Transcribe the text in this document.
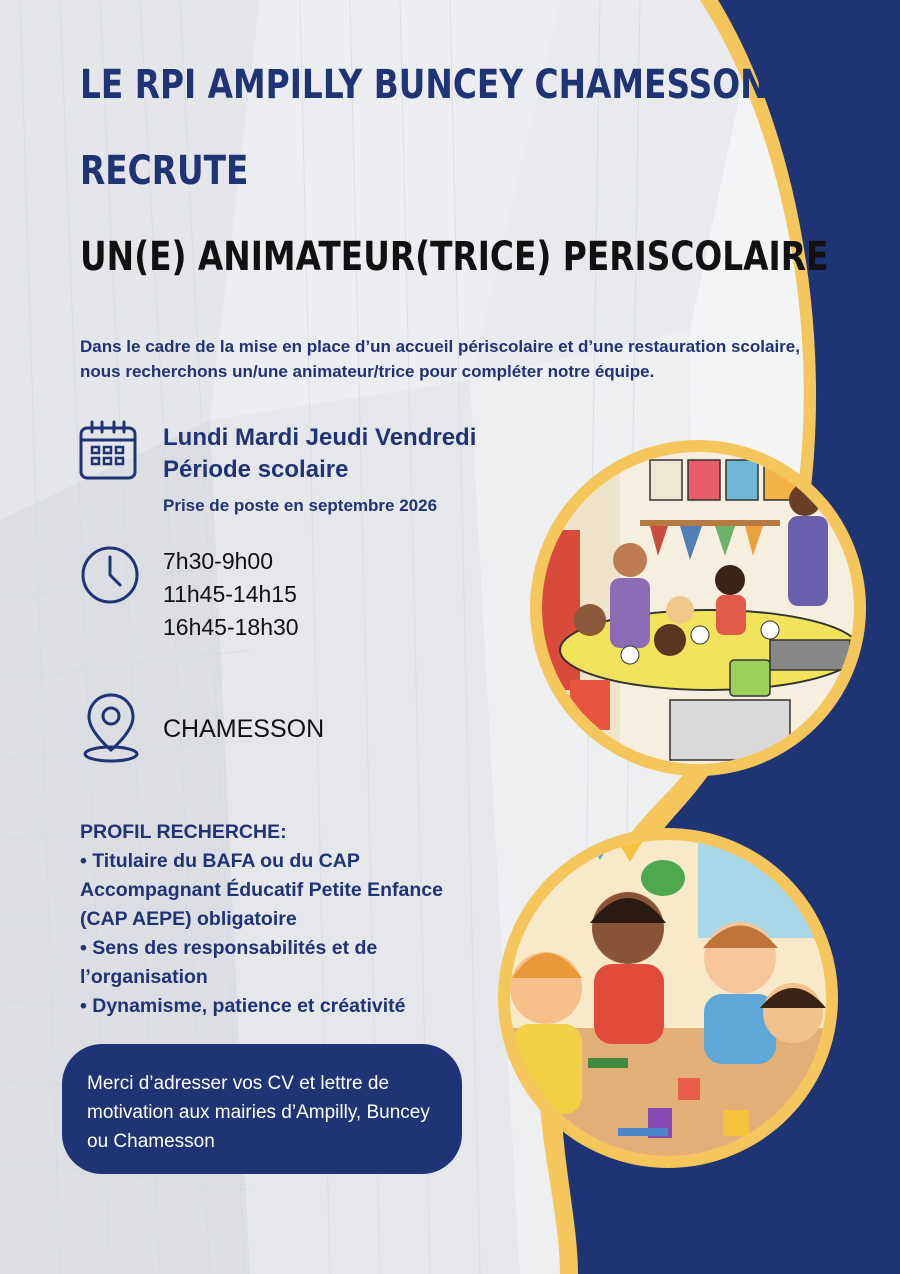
LE RPI AMPILLY BUNCEY CHAMESSON
RECRUTE
UN(E) ANIMATEUR(TRICE) PERISCOLAIRE

Dans le cadre de la mise en place d’un accueil périscolaire et d’une restauration scolaire, nous recherchons un/une animateur/trice pour compléter notre équipe.

Lundi Mardi Jeudi Vendredi
Période scolaire
Prise de poste en septembre 2026
7h30-9h00
11h45-14h15
16h45-18h30
CHAMESSON
PROFIL RECHERCHE:
• Titulaire du BAFA ou du CAP Accompagnant Éducatif Petite Enfance (CAP AEPE) obligatoire
• Sens des responsabilités et de l’organisation
• Dynamisme, patience et créativité
Merci d’adresser vos CV et lettre de motivation aux mairies d’Ampilly, Buncey ou Chamesson
